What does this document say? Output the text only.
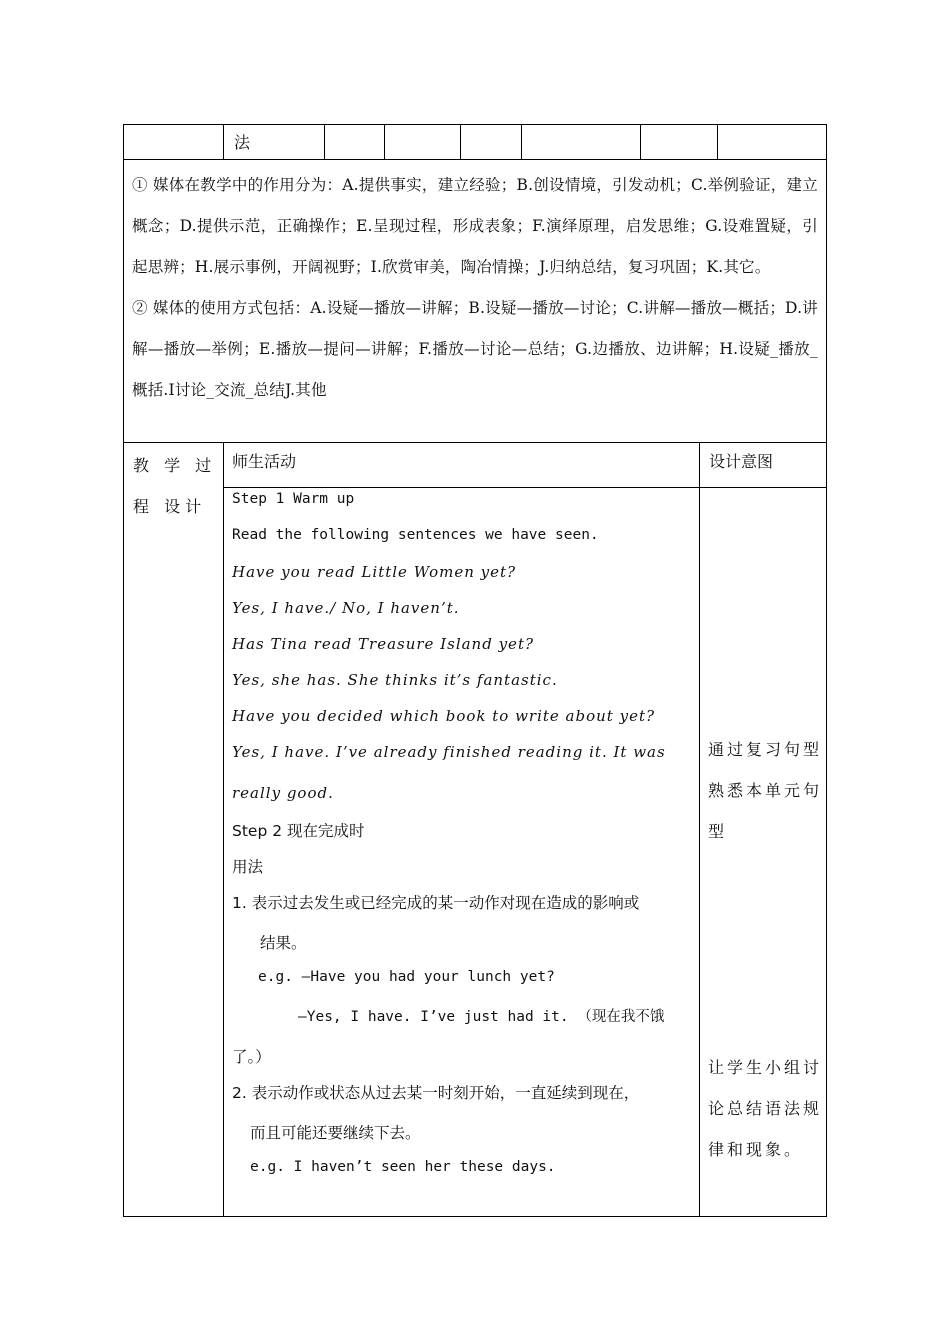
法

① 媒体在教学中的作用分为：A.提供事实，建立经验；B.创设情境，引发动机；C.举例验证，建立概念；D.提供示范，正确操作；E.呈现过程，形成表象；F.演绎原理，启发思维；G.设难置疑，引起思辨；H.展示事例，开阔视野；I.欣赏审美，陶冶情操；J.归纳总结，复习巩固；K.其它。

② 媒体的使用方式包括：A.设疑—播放—讲解；B.设疑—播放—讨论；C.讲解—播放—概括；D.讲解—播放—举例；E.播放—提问—讲解；F.播放—讨论—总结；G.边播放、边讲解；H.设疑_播放_概括.I讨论_交流_总结J.其他

教 学 过 程 设计
师生活动	设计意图
Step 1 Warm up
Read the following sentences we have seen.
Have you read Little Women yet?
Yes, I have./ No, I haven’t.
Has Tina read Treasure Island yet?
Yes, she has. She thinks it’s fantastic.
Have you decided which book to write about yet?
Yes, I have. I’ve already finished reading it. It was
really good.
Step 2 现在完成时
用法
1. 表示过去发生或已经完成的某一动作对现在造成的影响或
结果。
e.g. –Have you had your lunch yet?
–Yes, I have. I’ve just had it. （现在我不饿
了。）
2. 表示动作或状态从过去某一时刻开始，一直延续到现在，
而且可能还要继续下去。
e.g. I haven’t seen her these days.
通过复习句型熟悉本单元句型
让学生小组讨论总结语法规律和现象。
